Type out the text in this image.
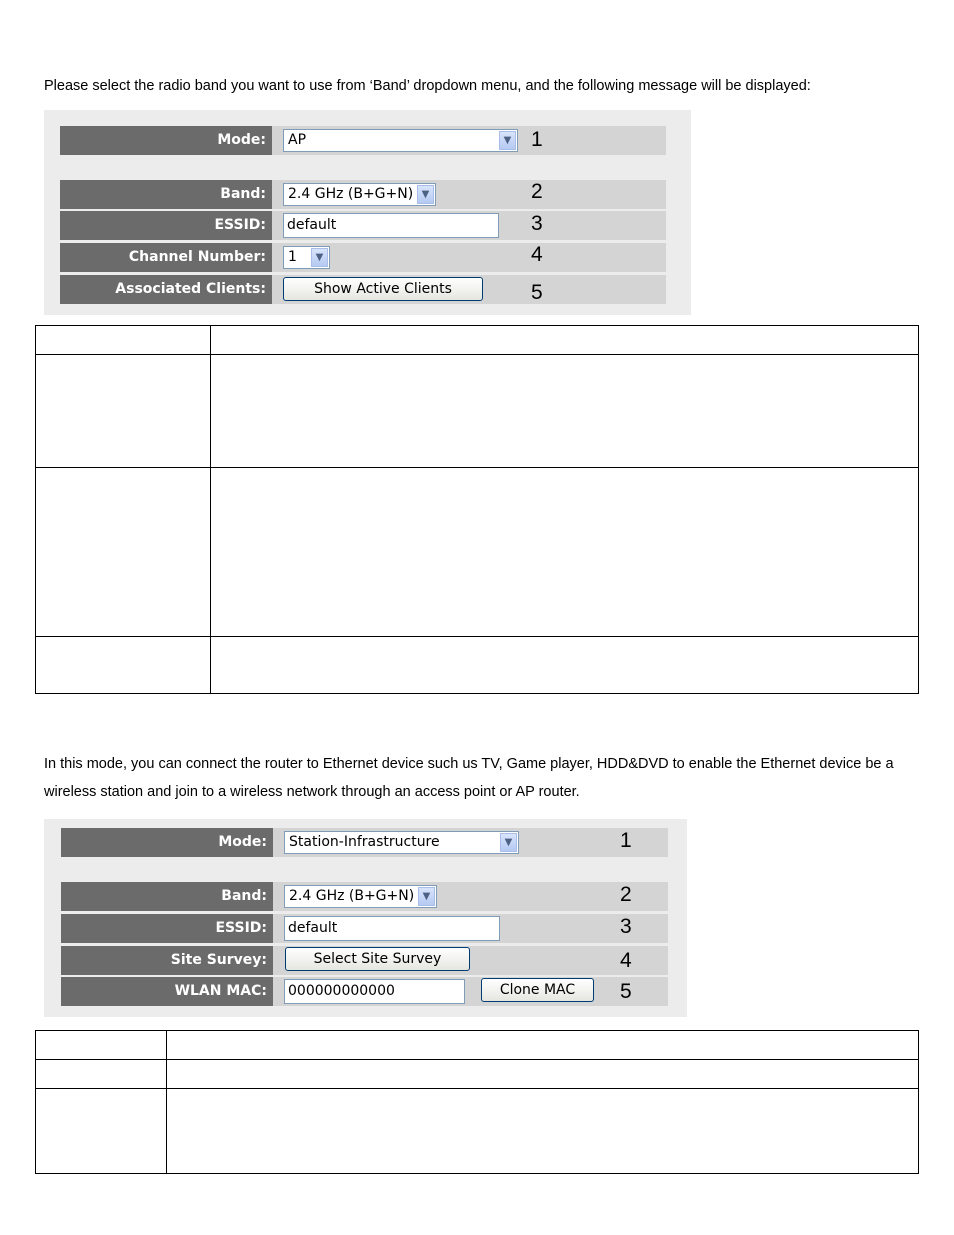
Please select the radio band you want to use from ‘Band’ dropdown menu, and the following message will be displayed:
Mode:	AP	▼ 1
Band:	2.4 GHz (B+G+N) ▼	2
ESSID:	default	3
Channel Number:	1	▼	4
Associated Clients:	Show Active Clients	5
In this mode, you can connect the router to Ethernet device such us TV, Game player, HDD&DVD to enable the Ethernet device be a wireless station and join to a wireless network through an access point or AP router.
Mode:	Station-Infrastructure	▼	1
Band:	2.4 GHz (B+G+N) ▼	2
ESSID:	default	3
Site Survey:	Select Site Survey	4
WLAN MAC:	000000000000	Clone MAC	5
